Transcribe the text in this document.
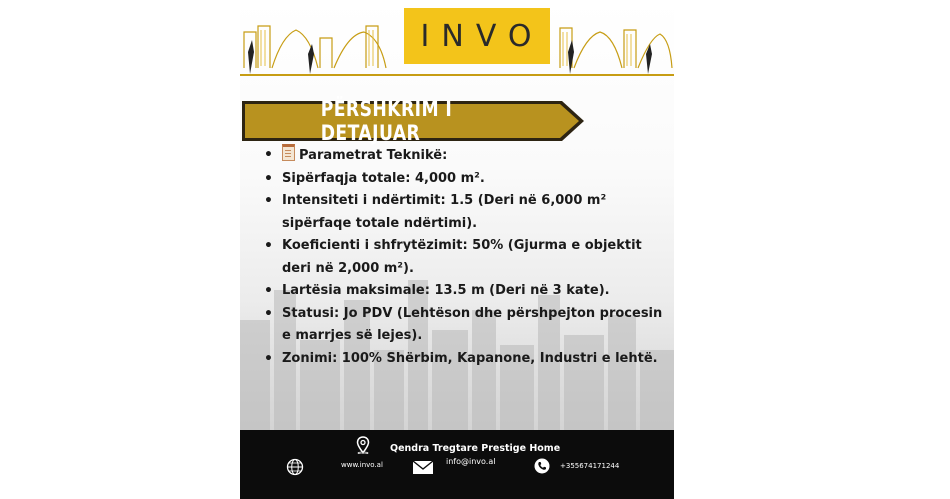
INVO
PËRSHKRIM I DETAJUAR
• Parametrat Teknikë:
• Sipërfaqja totale: 4,000 m².
• Intensiteti i ndërtimit: 1.5 (Deri në 6,000 m² sipërfaqe totale ndërtimi).
• Koeficienti i shfrytëzimit: 50% (Gjurma e objektit deri në 2,000 m²).
• Lartësia maksimale: 13.5 m (Deri në 3 kate).
• Statusi: Jo PDV (Lehtëson dhe përshpejton procesin e marrjes së lejes).
• Zonimi: 100% Shërbim, Kapanone, Industri e lehtë.
Qendra Tregtare Prestige Home
www.invo.al	info@invo.al	+355674171244
